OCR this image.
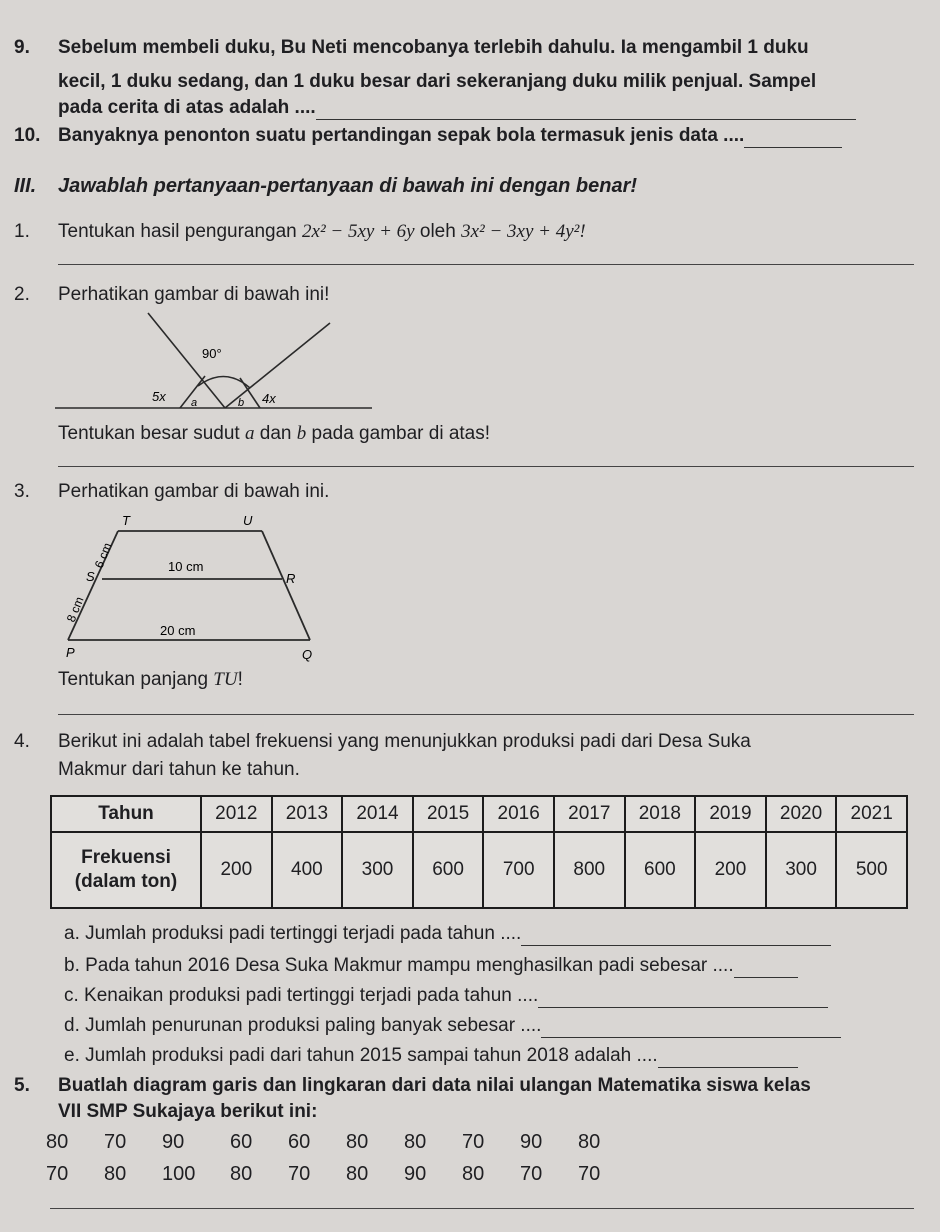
9. Sebelum membeli duku, Bu Neti mencobanya terlebih dahulu. Ia mengambil 1 duku
kecil, 1 duku sedang, dan 1 duku besar dari sekeranjang duku milik penjual. Sampel
pada cerita di atas adalah ....
10. Banyaknya penonton suatu pertandingan sepak bola termasuk jenis data ....
III. Jawablah pertanyaan-pertanyaan di bawah ini dengan benar!
1. Tentukan hasil pengurangan 2x² − 5xy + 6y oleh 3x² − 3xy + 4y²!
2. Perhatikan gambar di bawah ini!
90°
5x a	b 4x
Tentukan besar sudut a dan b pada gambar di atas!
3. Perhatikan gambar di bawah ini.
T	U
S	R
P	Q
6 cm
8 cm
10 cm
20 cm
Tentukan panjang TU!
4. Berikut ini adalah tabel frekuensi yang menunjukkan produksi padi dari Desa Suka
Makmur dari tahun ke tahun.
Tahun	2012	2013	2014	2015	2016	2017	2018	2019	2020	2021
Frekuensi
(dalam ton)	200	400	300	600	700	800	600	200	300	500
a. Jumlah produksi padi tertinggi terjadi pada tahun ....
b. Pada tahun 2016 Desa Suka Makmur mampu menghasilkan padi sebesar ....
c. Kenaikan produksi padi tertinggi terjadi pada tahun ....
d. Jumlah penurunan produksi paling banyak sebesar ....
e. Jumlah produksi padi dari tahun 2015 sampai tahun 2018 adalah ....
5. Buatlah diagram garis dan lingkaran dari data nilai ulangan Matematika siswa kelas
VII SMP Sukajaya berikut ini:
80 70 90 60 60 80 80 70 90 80
70 80 100 80 70 80 90 80 70 70
